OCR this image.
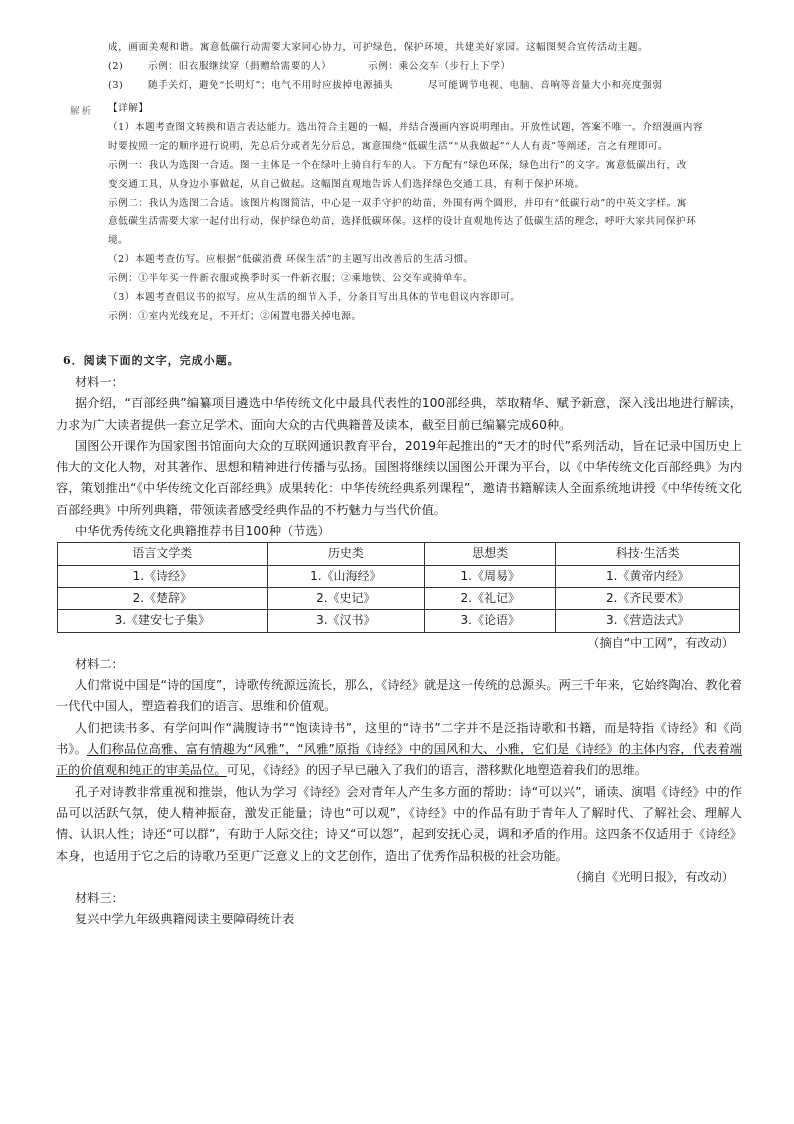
成，画面美观和谐。寓意低碳行动需要大家同心协力，可护绿色，保护环境，共建美好家园。这幅图契合宣传活动主题。
(2)	示例：旧衣服继续穿（捐赠给需要的人）	示例：乘公交车（步行上下学）
(3)	随手关灯，避免“长明灯”；电气不用时应拔掉电源插头	尽可能调节电视、电脑、音响等音量大小和亮度强弱
解析 【详解】

（1）本题考查图文转换和语言表达能力。选出符合主题的一幅，并结合漫画内容说明理由。开放性试题，答案不唯一。介绍漫画内容

时要按照一定的顺序进行说明，先总后分或者先分后总，寓意围绕“低碳生活”“从我做起”“人人有责”等阐述，言之有理即可。

示例一：我认为选图一合适。图一主体是一个在绿叶上骑自行车的人。下方配有“绿色环保，绿色出行”的文字。寓意低碳出行，改

变交通工具，从身边小事做起，从自己做起。这幅图直观地告诉人们选择绿色交通工具，有利于保护环境。

示例二：我认为选图二合适。该图片构图简洁，中心是一双手守护的幼苗，外围有两个圆形，并印有“低碳行动”的中英文字样。寓

意低碳生活需要大家一起付出行动，保护绿色幼苗，选择低碳环保。这样的设计直观地传达了低碳生活的理念，呼吁大家共同保护环

境。

（2）本题考查仿写。应根据“低碳消费 环保生活”的主题写出改善后的生活习惯。

示例：①半年买一件新衣服或换季时买一件新衣服；②乘地铁、公交车或骑单车。

（3）本题考查倡议书的拟写。应从生活的细节入手，分条目写出具体的节电倡议内容即可。

示例：①室内光线充足，不开灯；②闲置电器关掉电源。

6．阅读下面的文字，完成小题。

材料一：

据介绍，“百部经典”编纂项目遴选中华传统文化中最具代表性的100部经典，萃取精华、赋予新意，深入浅出地进行解读，力求为广大读者提供一套立足学术、面向大众的古代典籍普及读本，截至目前已编纂完成60种。

国图公开课作为国家图书馆面向大众的互联网通识教育平台，2019年起推出的“天才的时代”系列活动，旨在记录中国历史上伟大的文化人物，对其著作、思想和精神进行传播与弘扬。国图将继续以国图公开课为平台，以《中华传统文化百部经典》为内容，策划推出“《中华传统文化百部经典》成果转化：中华传统经典系列课程”，邀请书籍解读人全面系统地讲授《中华传统文化百部经典》中所列典籍，带领读者感受经典作品的不朽魅力与当代价值。

中华优秀传统文化典籍推荐书目100种（节选）

语言文学类	历史类	思想类	科技·生活类
1.《诗经》	1.《山海经》	1.《周易》	1.《黄帝内经》
2.《楚辞》	2.《史记》	2.《礼记》	2.《齐民要术》
3.《建安七子集》	3.《汉书》	3.《论语》	3.《营造法式》

（摘自“中工网”，有改动）

材料二：

人们常说中国是“诗的国度”，诗歌传统源远流长，那么，《诗经》就是这一传统的总源头。两三千年来，它始终陶冶、教化着一代代中国人，塑造着我们的语言、思维和价值观。

人们把读书多、有学问叫作“满腹诗书”“饱读诗书”，这里的“诗书”二字并不是泛指诗歌和书籍，而是特指《诗经》和《尚书》。人们称品位高雅、富有情趣为“风雅”，“风雅”原指《诗经》中的国风和大、小雅，它们是《诗经》的主体内容，代表着端正的价值观和纯正的审美品位。可见，《诗经》的因子早已融入了我们的语言，潜移默化地塑造着我们的思维。

孔子对诗教非常重视和推崇，他认为学习《诗经》会对青年人产生多方面的帮助：诗“可以兴”，诵读、演唱《诗经》中的作品可以活跃气氛，使人精神振奋，激发正能量；诗也“可以观”，《诗经》中的作品有助于青年人了解时代、了解社会、理解人情、认识人性；诗还“可以群”，有助于人际交往；诗又“可以怨”，起到安抚心灵，调和矛盾的作用。这四条不仅适用于《诗经》本身，也适用于它之后的诗歌乃至更广泛意义上的文艺创作，造出了优秀作品积极的社会功能。

（摘自《光明日报》，有改动）

材料三：

复兴中学九年级典籍阅读主要障碍统计表
